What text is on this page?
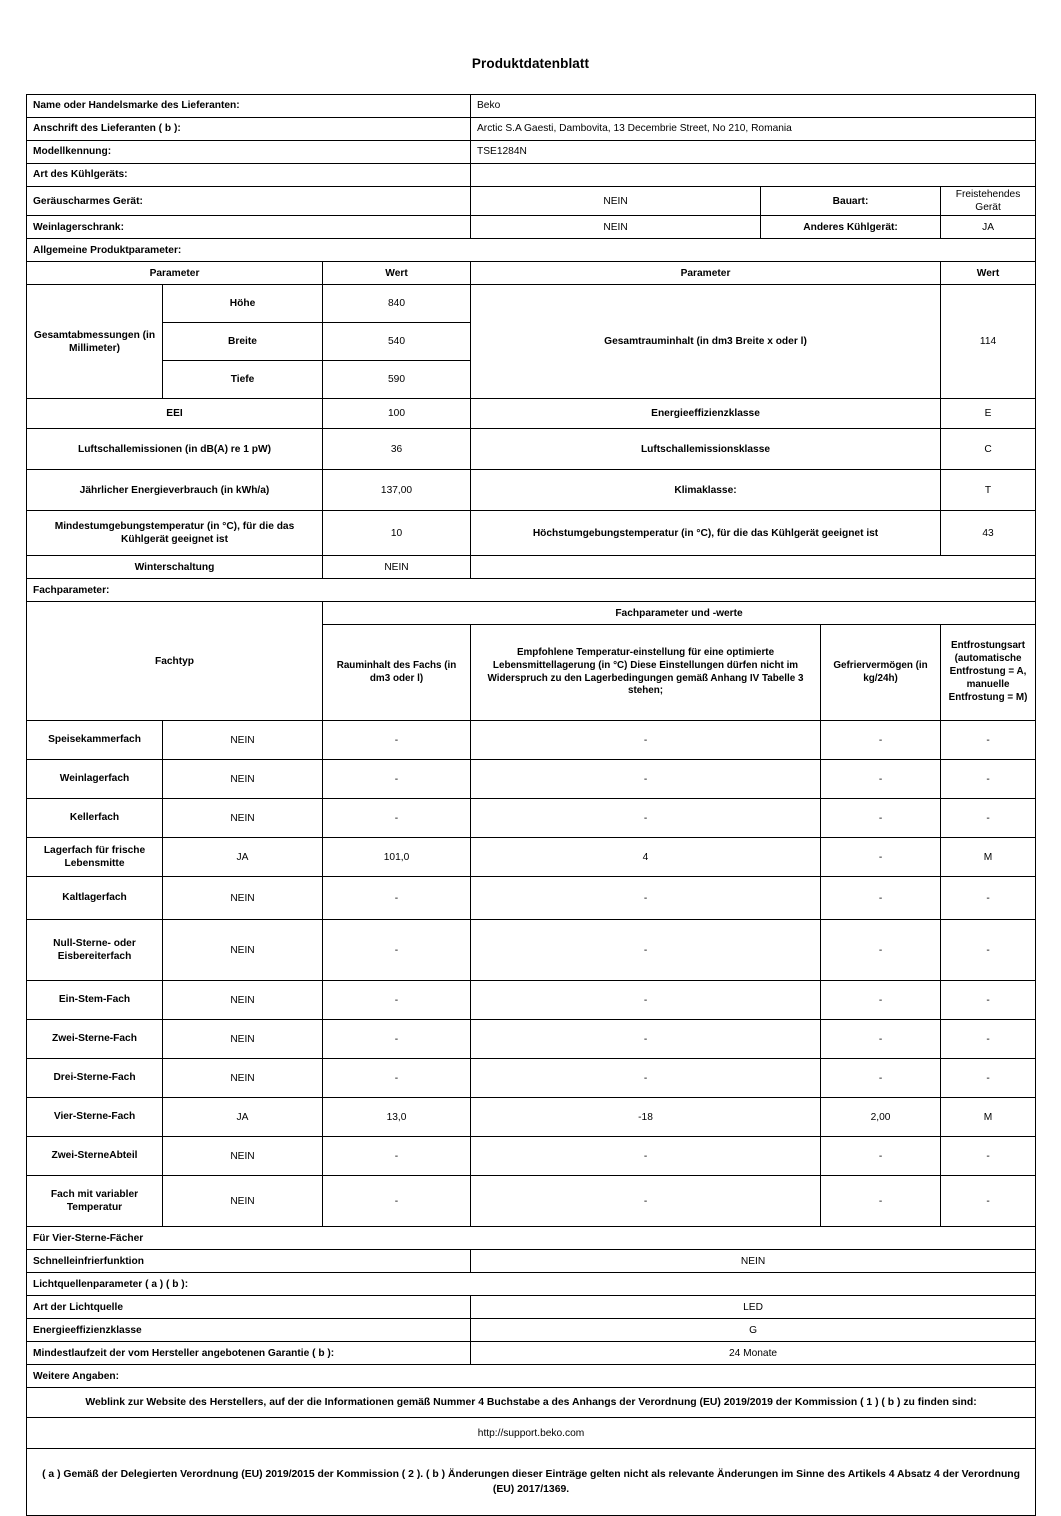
Produktdatenblatt
Name oder Handelsmarke des Lieferanten:			Beko			
Anschrift des Lieferanten ( b ):			Arctic S.A Gaesti, Dambovita, 13 Decembrie Street, No 210, Romania			
Modellkennung:			TSE1284N			
Art des Kühlgeräts:						
Geräuscharmes Gerät:			NEIN	Bauart:		Freistehendes Gerät
Weinlagerschrank:			NEIN	Anderes Kühlgerät:		JA
Allgemeine Produktparameter:						
Parameter		Wert	Parameter			Wert
Gesamtabmessungen (in Millimeter)	Höhe	840	Gesamtrauminhalt (in dm3 Breite x oder l)			114
	Breite	540				
	Tiefe	590				
EEI		100	Energieeffizienzklasse			E
Luftschallemissionen (in dB(A) re 1 pW)		36	Luftschallemissionsklasse			C
Jährlicher Energieverbrauch (in kWh/a)		137,00	Klimaklasse:			T
Mindestumgebungstemperatur (in °C), für die das Kühlgerät geeignet ist		10	Höchstumgebungstemperatur (in °C), für die das Kühlgerät geeignet ist			43
Winterschaltung		NEIN				
Fachparameter:						
Fachtyp		Fachparameter und -werte				
		Rauminhalt des Fachs (in dm3 oder l)	Empfohlene Temperatur-einstellung für eine optimierte Lebensmittellagerung (in °C) Diese Einstellungen dürfen nicht im Widerspruch zu den Lagerbedingungen gemäß Anhang IV Tabelle 3 stehen;		Gefriervermögen (in kg/24h)	Entfrostungsart (automatische Entfrostung = A, manuelle Entfrostung = M)
Speisekammerfach	NEIN	-	-		-	-
Weinlagerfach	NEIN	-	-		-	-
Kellerfach	NEIN	-	-		-	-
Lagerfach für frische Lebensmitte	JA	101,0	4		-	M
Kaltlagerfach	NEIN	-	-		-	-
Null-Sterne- oder Eisbereiterfach	NEIN	-	-		-	-
Ein-Stem-Fach	NEIN	-	-		-	-
Zwei-Sterne-Fach	NEIN	-	-		-	-
Drei-Sterne-Fach	NEIN	-	-		-	-
Vier-Sterne-Fach	JA	13,0	-18		2,00	M
Zwei-SterneAbteil	NEIN	-	-		-	-
Fach mit variabler Temperatur	NEIN	-	-		-	-
Für Vier-Sterne-Fächer						
Schnelleinfrierfunktion			NEIN			
Lichtquellenparameter ( a ) ( b ):						
Art der Lichtquelle			LED			
Energieeffizienzklasse			G			
Mindestlaufzeit der vom Hersteller angebotenen Garantie ( b ):			24 Monate			
Weitere Angaben:						
Weblink zur Website des Herstellers, auf der die Informationen gemäß Nummer 4 Buchstabe a des Anhangs der Verordnung (EU) 2019/2019 der Kommission ( 1 ) ( b ) zu finden sind:						
http://support.beko.com						
( a ) Gemäß der Delegierten Verordnung (EU) 2019/2015 der Kommission ( 2 ). ( b ) Änderungen dieser Einträge gelten nicht als relevante Änderungen im Sinne des Artikels 4 Absatz 4 der Verordnung (EU) 2017/1369.						
